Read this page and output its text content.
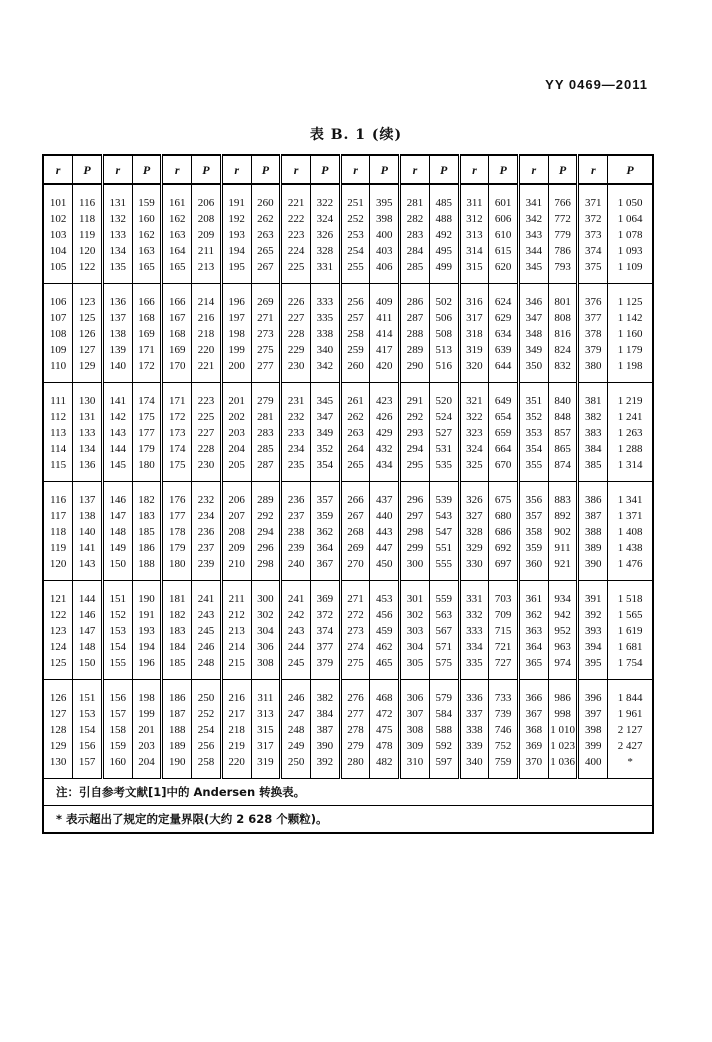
YY 0469—2011
表 B. 1 (续)
r	P	r	P	r	P	r	P	r	P	r	P	r	P	r	P	r	P	r	P
101	116	131	159	161	206	191	260	221	322	251	395	281	485	311	601	341	766	371	1 050
102	118	132	160	162	208	192	262	222	324	252	398	282	488	312	606	342	772	372	1 064
103	119	133	162	163	209	193	263	223	326	253	400	283	492	313	610	343	779	373	1 078
104	120	134	163	164	211	194	265	224	328	254	403	284	495	314	615	344	786	374	1 093
105	122	135	165	165	213	195	267	225	331	255	406	285	499	315	620	345	793	375	1 109
106	123	136	166	166	214	196	269	226	333	256	409	286	502	316	624	346	801	376	1 125
107	125	137	168	167	216	197	271	227	335	257	411	287	506	317	629	347	808	377	1 142
108	126	138	169	168	218	198	273	228	338	258	414	288	508	318	634	348	816	378	1 160
109	127	139	171	169	220	199	275	229	340	259	417	289	513	319	639	349	824	379	1 179
110	129	140	172	170	221	200	277	230	342	260	420	290	516	320	644	350	832	380	1 198
111	130	141	174	171	223	201	279	231	345	261	423	291	520	321	649	351	840	381	1 219
112	131	142	175	172	225	202	281	232	347	262	426	292	524	322	654	352	848	382	1 241
113	133	143	177	173	227	203	283	233	349	263	429	293	527	323	659	353	857	383	1 263
114	134	144	179	174	228	204	285	234	352	264	432	294	531	324	664	354	865	384	1 288
115	136	145	180	175	230	205	287	235	354	265	434	295	535	325	670	355	874	385	1 314
116	137	146	182	176	232	206	289	236	357	266	437	296	539	326	675	356	883	386	1 341
117	138	147	183	177	234	207	292	237	359	267	440	297	543	327	680	357	892	387	1 371
118	140	148	185	178	236	208	294	238	362	268	443	298	547	328	686	358	902	388	1 408
119	141	149	186	179	237	209	296	239	364	269	447	299	551	329	692	359	911	389	1 438
120	143	150	188	180	239	210	298	240	367	270	450	300	555	330	697	360	921	390	1 476
121	144	151	190	181	241	211	300	241	369	271	453	301	559	331	703	361	934	391	1 518
122	146	152	191	182	243	212	302	242	372	272	456	302	563	332	709	362	942	392	1 565
123	147	153	193	183	245	213	304	243	374	273	459	303	567	333	715	363	952	393	1 619
124	148	154	194	184	246	214	306	244	377	274	462	304	571	334	721	364	963	394	1 681
125	150	155	196	185	248	215	308	245	379	275	465	305	575	335	727	365	974	395	1 754
126	151	156	198	186	250	216	311	246	382	276	468	306	579	336	733	366	986	396	1 844
127	153	157	199	187	252	217	313	247	384	277	472	307	584	337	739	367	998	397	1 961
128	154	158	201	188	254	218	315	248	387	278	475	308	588	338	746	368	1 010	398	2 127
129	156	159	203	189	256	219	317	249	390	279	478	309	592	339	752	369	1 023	399	2 427
130	157	160	204	190	258	220	319	250	392	280	482	310	597	340	759	370	1 036	400	*
注：引自参考文献[1]中的 Andersen 转换表。																			
* 表示超出了规定的定量界限(大约 2 628 个颗粒)。																			
